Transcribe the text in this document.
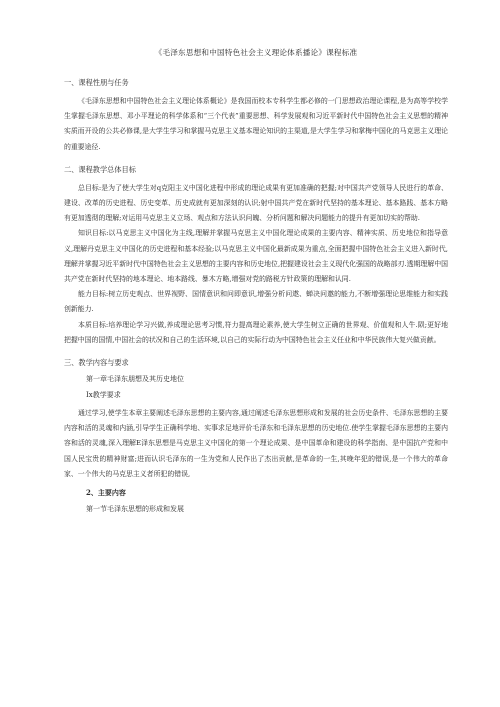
《毛泽东思想和中国特色社会主义理论体系播论》课程标准
一、课程性朋与任务

《毛泽东思想和中国特色社会主义理论体系概论》是我国而校本专科学生都必修的一门思想政治理论课程,是为高等学校学生掌握毛泽东思想、邓小平理论的科学体系和“三个代表”重要思想、科学发展观和习近平新时代中国特色社会主义思想的精神实质而开设的公共必修课,是大学生学习和掌握马克思主义基本理论知识的主渠道,是大学生学习和掌梅中国化的马克思主义理论的重要途径.

二、课程教学总体目标

总目标:是为了使大学生对q克阳主义中国化进程中形成的理论成果有更加准确的把握;对中国共产党领导人民进行的革命、建设、改革的历史进程、历史变革、历史成就有更加深刻的认识;射中国共产党在新时代坚持的基本理论、基本路践、基本方略有更加透彻的理解;对运用马克思主义立场、观点和方法认识问魄、分析问题和解决问题能力的提升有更加切实的帮助.

知识目标:以马克思主义中国化为主线,理解并掌握马克思主义中国化理论成果的主要内容、精神实质、历史地位和指导意义,理解丹克思主义中国化的历史进程和基本经验;以马克思主义中国化最新成果为重点,全面把握中国特色社会主义进入新时代,理解并掌握习近平新时代中国特色社会主义思想的主要内容和历史地位,把握建设社会主义现代化强国的战略部刃.透期理解中国共产党在新时代坚持的地本理论、地本路线、暴木方略,增强对党的路税方针政策的理解和认同.

能力目标:树立历史观点、世界视野、国情意识和问即意识,增强分析问遨、蝉决问邀的能力,不断增强理论思维能力和实践创新能力.

本质目标:培养理论学习兴做,养成理论思考习惯,符力提高理论素养,使大学生树立正确的世界观、价值观和人牛.陨;更好地把握中国的国情,中国社会的状况和自己的生活环境,以自己的实际行动为中国特色社会主义任业和中华民族伟大复兴做贡献。

三、教学内容与要求
第一章毛泽东朋想及其历史地位
Ix教学要求

通过学习,使学生本章主要阐述毛泽东思想的主要内容,通过阐述毛泽东思想形成和发展的社会历史条件、毛泽东思想的主要内容和活的灵魂和内涵,引导学生正确科学地、实事求足地评价毛泽东和毛泽东思想的历史地位.使学生掌握毛泽东思想的主要内容和活的灵魂,深入理解E泽东思想是马克思主义中国化的第一个理论成果、是中国革命和建设的科学指南、是中国抗产党和中国人民宝贵的精神财富;进而认识毛泽东的一生为党和人民作出了杰出贡献,是革命的一生,其晚年犯的错误,是一个伟大的革命家、一个伟大的马克思主义者所犯的错误,

2、主要内容
第一节毛泽东思想的形成和发展
